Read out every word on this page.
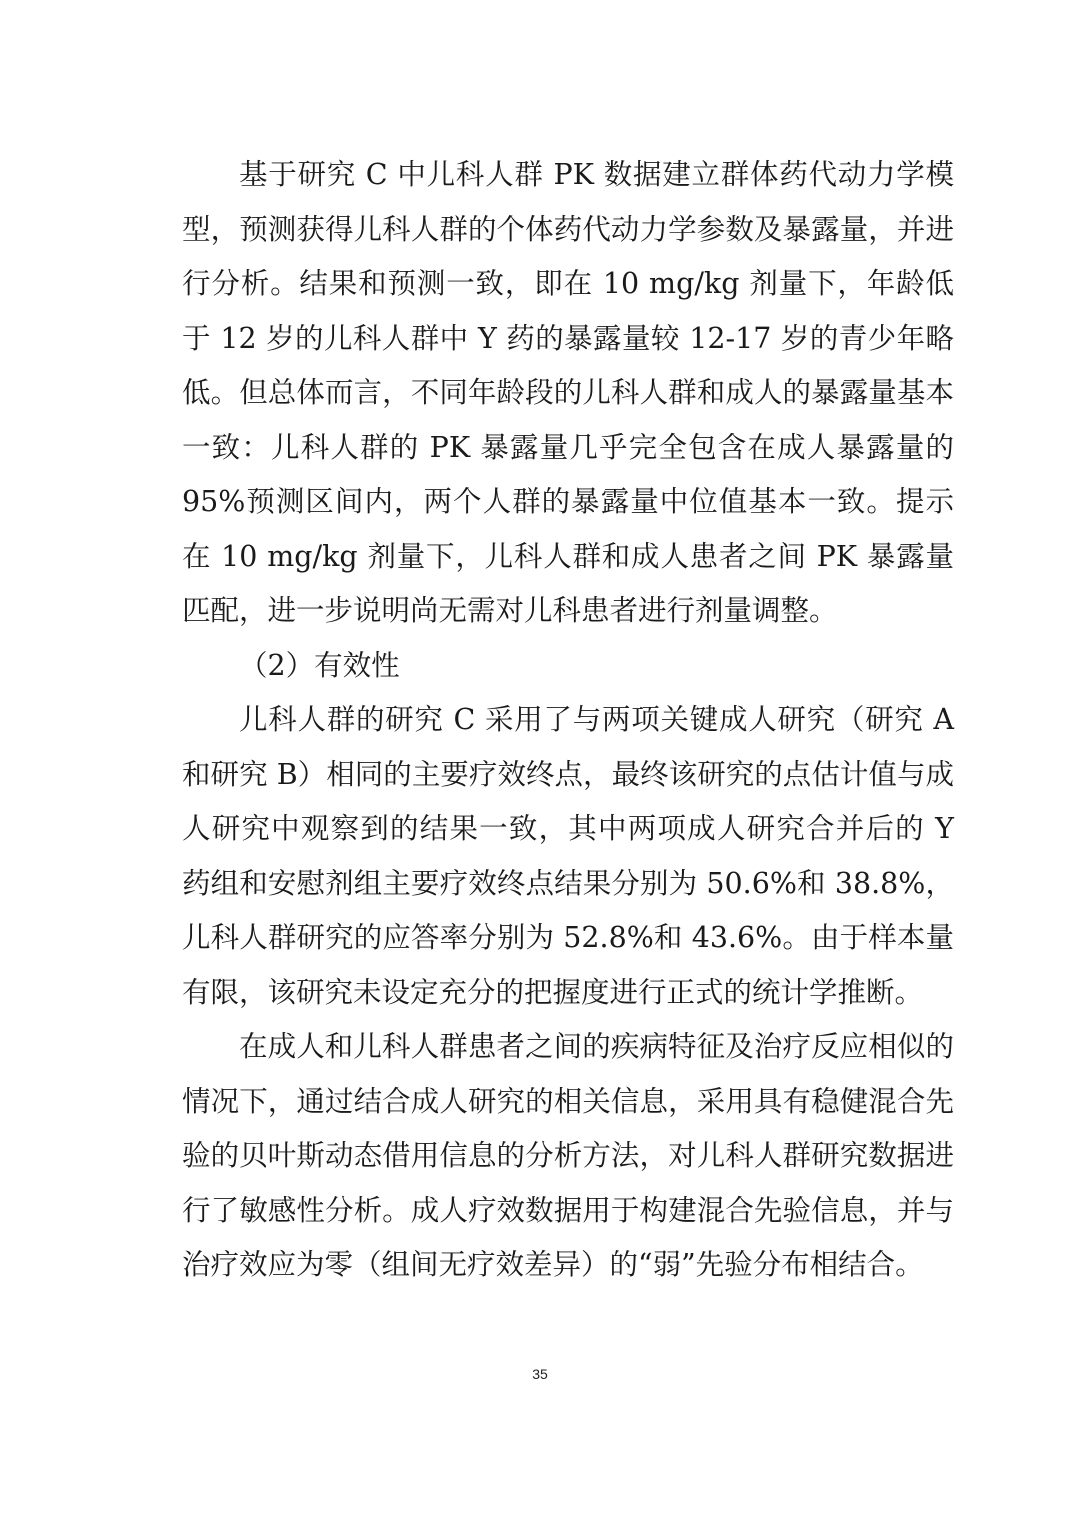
基于研究 C 中儿科人群 PK 数据建立群体药代动力学模型，预测获得儿科人群的个体药代动力学参数及暴露量，并进行分析。结果和预测一致，即在 10 mg/kg 剂量下，年龄低于 12 岁的儿科人群中 Y 药的暴露量较 12-17 岁的青少年略低。但总体而言，不同年龄段的儿科人群和成人的暴露量基本一致：儿科人群的 PK 暴露量几乎完全包含在成人暴露量的 95%预测区间内，两个人群的暴露量中位值基本一致。提示在 10 mg/kg 剂量下，儿科人群和成人患者之间 PK 暴露量匹配，进一步说明尚无需对儿科患者进行剂量调整。

（2）有效性

儿科人群的研究 C 采用了与两项关键成人研究（研究 A 和研究 B）相同的主要疗效终点，最终该研究的点估计值与成人研究中观察到的结果一致，其中两项成人研究合并后的 Y 药组和安慰剂组主要疗效终点结果分别为 50.6%和 38.8%，儿科人群研究的应答率分别为 52.8%和 43.6%。由于样本量有限，该研究未设定充分的把握度进行正式的统计学推断。

在成人和儿科人群患者之间的疾病特征及治疗反应相似的情况下，通过结合成人研究的相关信息，采用具有稳健混合先验的贝叶斯动态借用信息的分析方法，对儿科人群研究数据进行了敏感性分析。成人疗效数据用于构建混合先验信息，并与治疗效应为零（组间无疗效差异）的“弱”先验分布相结合。

35
